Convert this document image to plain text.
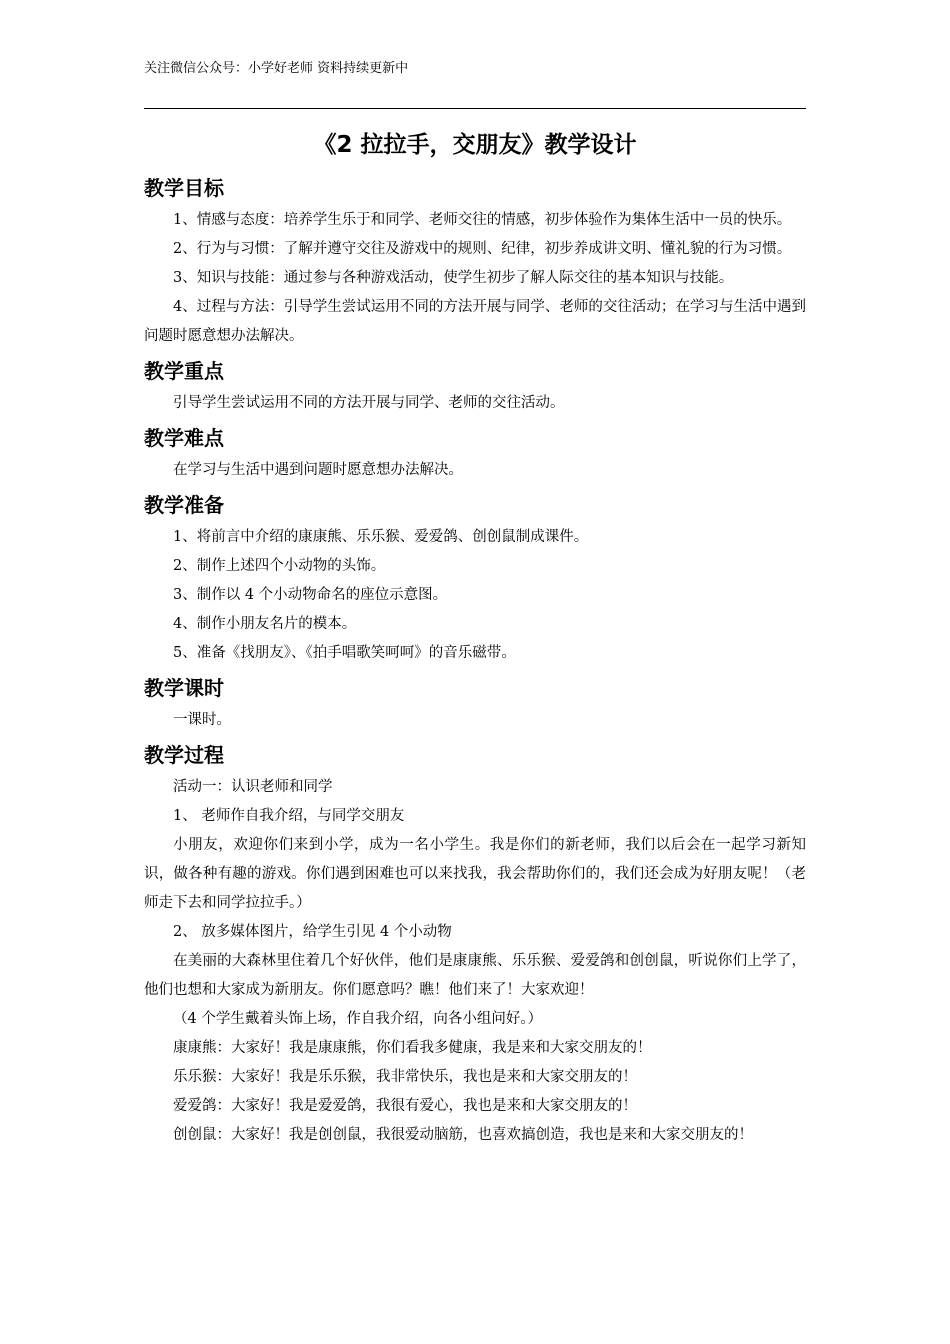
关注微信公众号：小学好老师 资料持续更新中
《2 拉拉手，交朋友》教学设计
教学目标

1、情感与态度：培养学生乐于和同学、老师交往的情感，初步体验作为集体生活中一员的快乐。

2、行为与习惯：了解并遵守交往及游戏中的规则、纪律，初步养成讲文明、懂礼貌的行为习惯。

3、知识与技能：通过参与各种游戏活动，使学生初步了解人际交往的基本知识与技能。

4、过程与方法：引导学生尝试运用不同的方法开展与同学、老师的交往活动；在学习与生活中遇到问题时愿意想办法解决。

教学重点

引导学生尝试运用不同的方法开展与同学、老师的交往活动。

教学难点

在学习与生活中遇到问题时愿意想办法解决。

教学准备

1、将前言中介绍的康康熊、乐乐猴、爱爱鸽、创创鼠制成课件。

2、制作上述四个小动物的头饰。

3、制作以 4 个小动物命名的座位示意图。

4、制作小朋友名片的模本。

5、准备《找朋友》、《拍手唱歌笑呵呵》的音乐磁带。

教学课时

一课时。

教学过程

活动一：认识老师和同学

1、 老师作自我介绍，与同学交朋友

小朋友，欢迎你们来到小学，成为一名小学生。我是你们的新老师，我们以后会在一起学习新知识，做各种有趣的游戏。你们遇到困难也可以来找我，我会帮助你们的，我们还会成为好朋友呢！（老师走下去和同学拉拉手。）

2、 放多媒体图片，给学生引见 4 个小动物

在美丽的大森林里住着几个好伙伴，他们是康康熊、乐乐猴、爱爱鸽和创创鼠，听说你们上学了，他们也想和大家成为新朋友。你们愿意吗？瞧！他们来了！大家欢迎！

（4 个学生戴着头饰上场，作自我介绍，向各小组问好。）

康康熊：大家好！我是康康熊，你们看我多健康，我是来和大家交朋友的！

乐乐猴：大家好！我是乐乐猴，我非常快乐，我也是来和大家交朋友的！

爱爱鸽：大家好！我是爱爱鸽，我很有爱心，我也是来和大家交朋友的！

创创鼠：大家好！我是创创鼠，我很爱动脑筋，也喜欢搞创造，我也是来和大家交朋友的！
